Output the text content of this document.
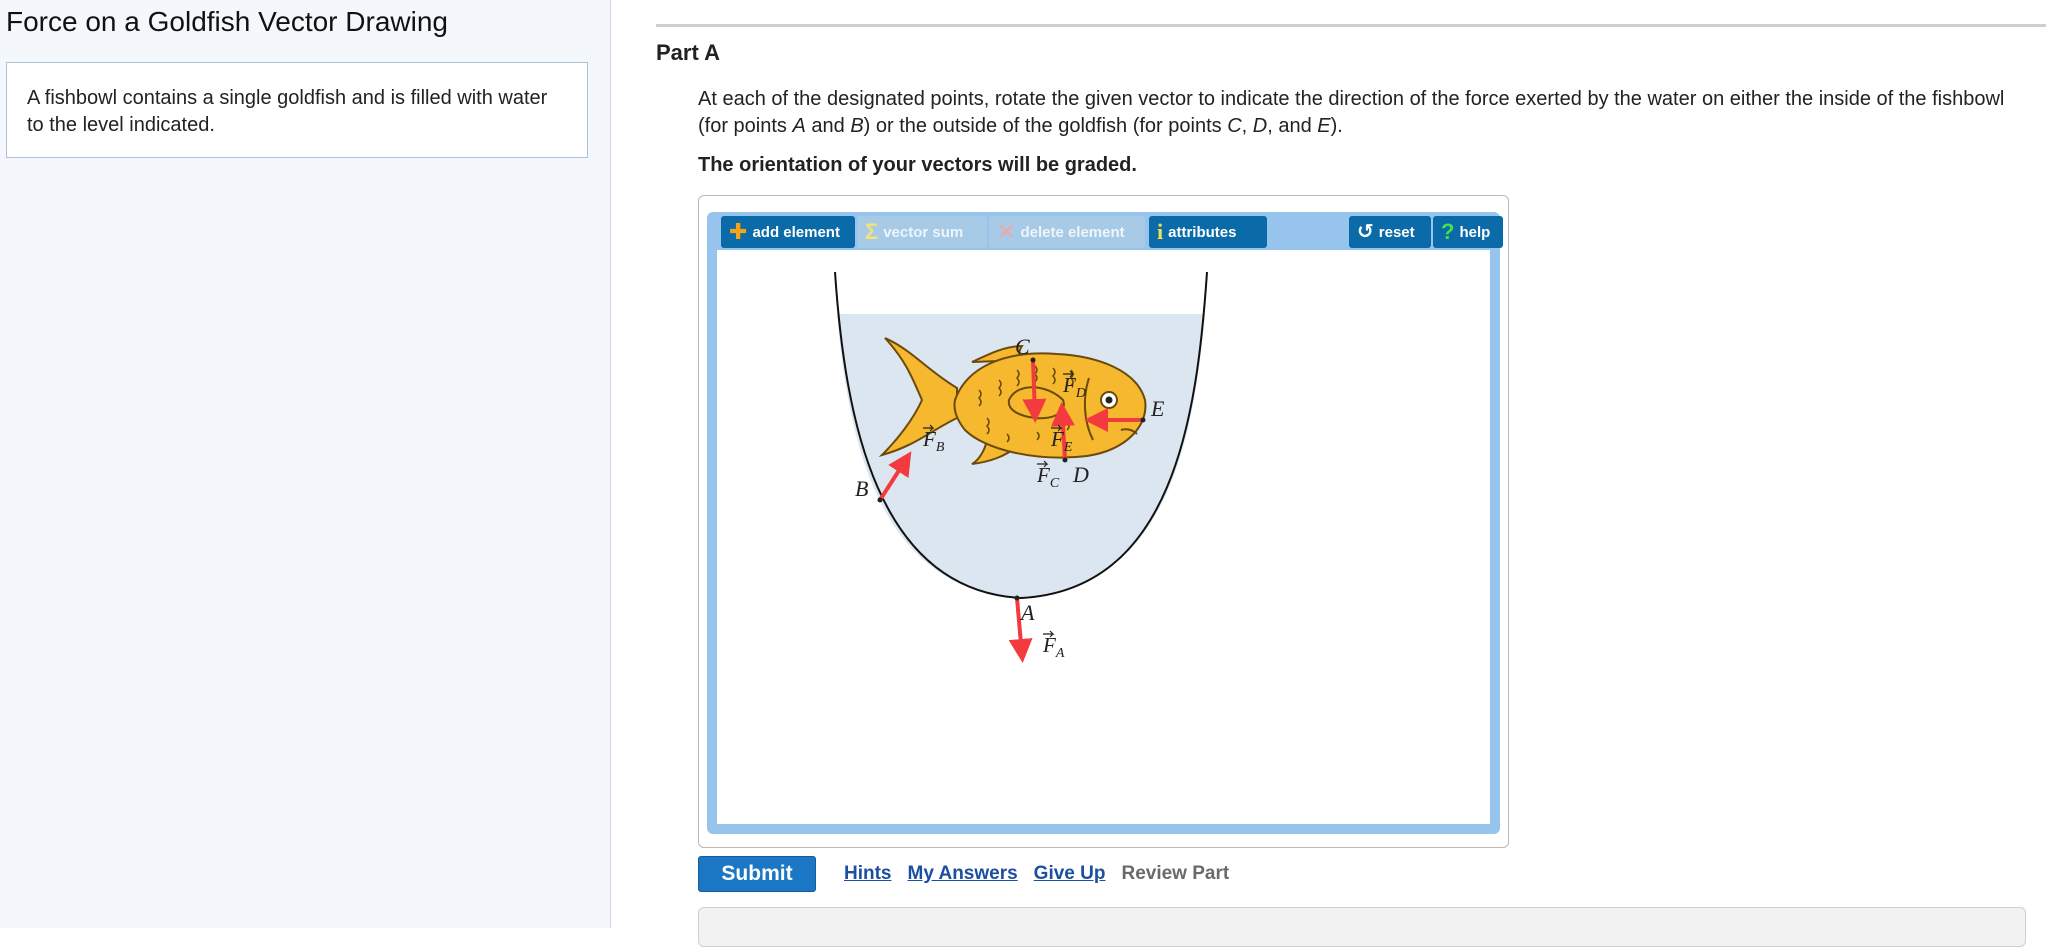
Force on a Goldfish Vector Drawing
A fishbowl contains a single goldfish and is filled with water to the level indicated.
Part A
At each of the designated points, rotate the given vector to indicate the direction of the force exerted by the water on either the inside of the fishbowl (for points A and B) or the outside of the goldfish (for points C, D, and E).
The orientation of your vectors will be graded.
✚ add element Σ vector sum ✕ delete element i attributes	↺ reset ? help
A
B
C
D
E
$F_A$
$F_B$
$F_C$
$F_D$
$F_E$
Submit	Hints My Answers Give Up Review Part
